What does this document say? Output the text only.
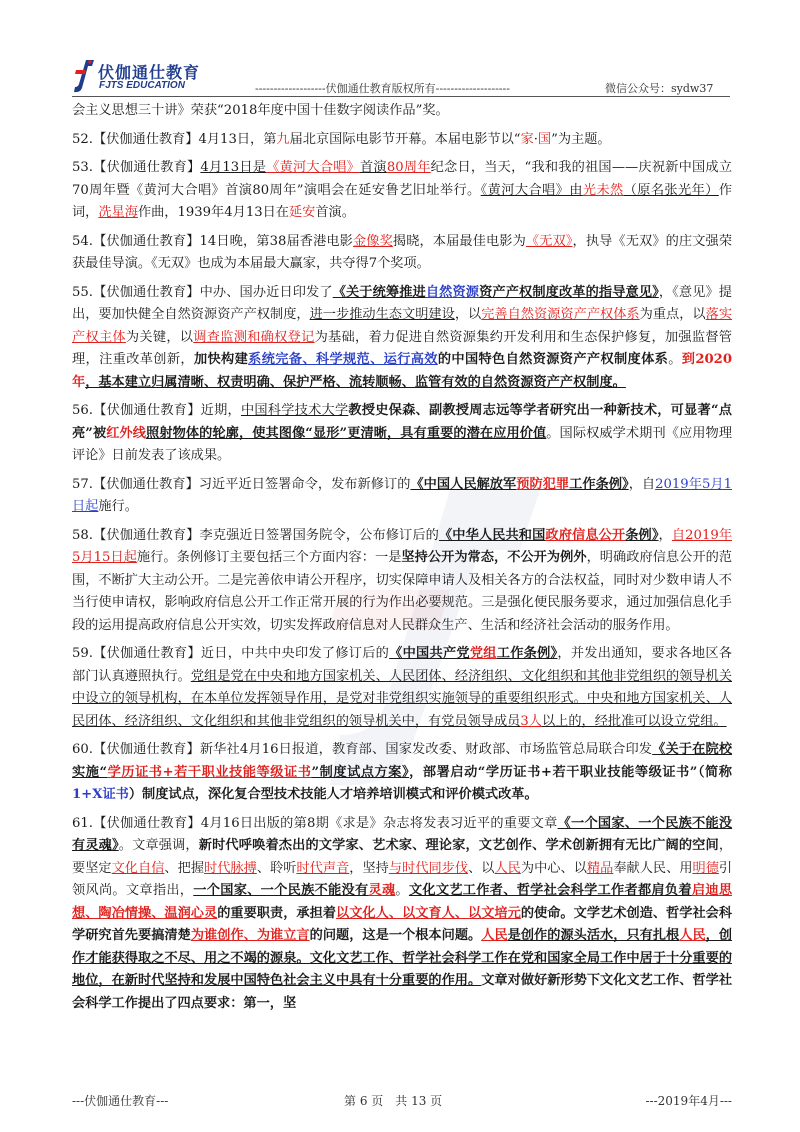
伏伽通仕教育
FJTS EDUCATION	-------------------伏伽通仕教育版权所有--------------------	微信公众号：sydw37

会主义思想三十讲》荣获“2018年度中国十佳数字阅读作品”奖。

52.【伏伽通仕教育】4月13日，第九届北京国际电影节开幕。本届电影节以“家·国”为主题。

53.【伏伽通仕教育】4月13日是《黄河大合唱》首演80周年纪念日，当天，“我和我的祖国——庆祝新中国成立70周年暨《黄河大合唱》首演80周年”演唱会在延安鲁艺旧址举行。《黄河大合唱》由光未然（原名张光年）作词，冼星海作曲，1939年4月13日在延安首演。

54.【伏伽通仕教育】14日晚，第38届香港电影金像奖揭晓，本届最佳电影为《无双》，执导《无双》的庄文强荣获最佳导演。《无双》也成为本届最大赢家，共夺得7个奖项。

55.【伏伽通仕教育】中办、国办近日印发了《关于统筹推进自然资源资产产权制度改革的指导意见》，《意见》提出，要加快健全自然资源资产产权制度，进一步推动生态文明建设，以完善自然资源资产产权体系为重点，以落实产权主体为关键，以调查监测和确权登记为基础，着力促进自然资源集约开发利用和生态保护修复，加强监督管理，注重改革创新，加快构建系统完备、科学规范、运行高效的中国特色自然资源资产产权制度体系。到2020年，基本建立归属清晰、权责明确、保护严格、流转顺畅、监管有效的自然资源资产产权制度。

56.【伏伽通仕教育】近期，中国科学技术大学教授史保森、副教授周志远等学者研究出一种新技术，可显著“点亮”被红外线照射物体的轮廓，使其图像“显形”更清晰，具有重要的潜在应用价值。国际权威学术期刊《应用物理评论》日前发表了该成果。

57.【伏伽通仕教育】习近平近日签署命令，发布新修订的《中国人民解放军预防犯罪工作条例》，自2019年5月1日起施行。

58.【伏伽通仕教育】李克强近日签署国务院令，公布修订后的《中华人民共和国政府信息公开条例》，自2019年5月15日起施行。条例修订主要包括三个方面内容：一是坚持公开为常态，不公开为例外，明确政府信息公开的范围，不断扩大主动公开。二是完善依申请公开程序，切实保障申请人及相关各方的合法权益，同时对少数申请人不当行使申请权，影响政府信息公开工作正常开展的行为作出必要规范。三是强化便民服务要求，通过加强信息化手段的运用提高政府信息公开实效，切实发挥政府信息对人民群众生产、生活和经济社会活动的服务作用。

59.【伏伽通仕教育】近日，中共中央印发了修订后的《中国共产党党组工作条例》，并发出通知，要求各地区各部门认真遵照执行。党组是党在中央和地方国家机关、人民团体、经济组织、文化组织和其他非党组织的领导机关中设立的领导机构，在本单位发挥领导作用，是党对非党组织实施领导的重要组织形式。中央和地方国家机关、人民团体、经济组织、文化组织和其他非党组织的领导机关中，有党员领导成员3人以上的，经批准可以设立党组。

60.【伏伽通仕教育】新华社4月16日报道，教育部、国家发改委、财政部、市场监管总局联合印发《关于在院校实施“学历证书+若干职业技能等级证书”制度试点方案》，部署启动“学历证书+若干职业技能等级证书”（简称1+X证书）制度试点，深化复合型技术技能人才培养培训模式和评价模式改革。

61.【伏伽通仕教育】4月16日出版的第8期《求是》杂志将发表习近平的重要文章《一个国家、一个民族不能没有灵魂》。文章强调，新时代呼唤着杰出的文学家、艺术家、理论家，文艺创作、学术创新拥有无比广阔的空间，要坚定文化自信、把握时代脉搏、聆听时代声音，坚持与时代同步伐、以人民为中心、以精品奉献人民、用明德引领风尚。文章指出，一个国家、一个民族不能没有灵魂。文化文艺工作者、哲学社会科学工作者都肩负着启迪思想、陶冶情操、温润心灵的重要职责，承担着以文化人、以文育人、以文培元的使命。文学艺术创造、哲学社会科学研究首先要搞清楚为谁创作、为谁立言的问题，这是一个根本问题。人民是创作的源头活水，只有扎根人民，创作才能获得取之不尽、用之不竭的源泉。文化文艺工作、哲学社会科学工作在党和国家全局工作中居于十分重要的地位，在新时代坚持和发展中国特色社会主义中具有十分重要的作用。文章对做好新形势下文化文艺工作、哲学社会科学工作提出了四点要求：第一，坚

---伏伽通仕教育---	第 6 页　共 13 页	---2019年4月---
